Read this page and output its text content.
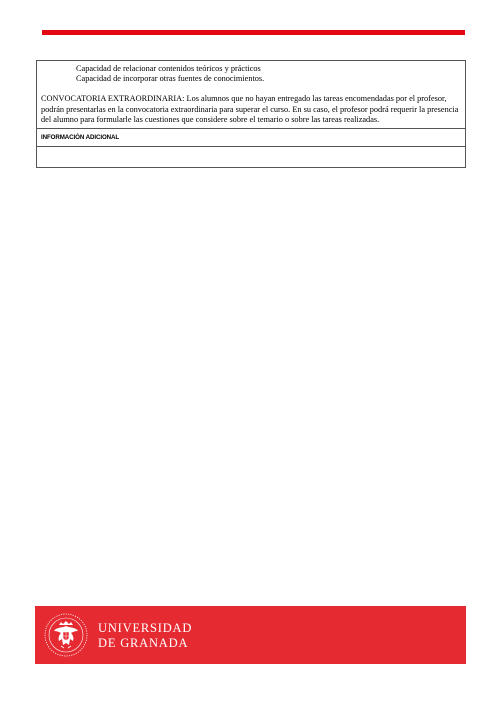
Capacidad de relacionar contenidos teóricos y prácticos
Capacidad de incorporar otras fuentes de conocimientos.
CONVOCATORIA EXTRAORDINARIA: Los alumnos que no hayan entregado las tareas encomendadas por el profesor, podrán presentarlas en la convocatoria extraordinaria para superar el curso. En su caso, el profesor podrá requerir la presencia del alumno para formularle las cuestiones que considere sobre el temario o sobre las tareas realizadas.
INFORMACIÓN ADICIONAL
UNIVERSIDAD
DE GRANADA
